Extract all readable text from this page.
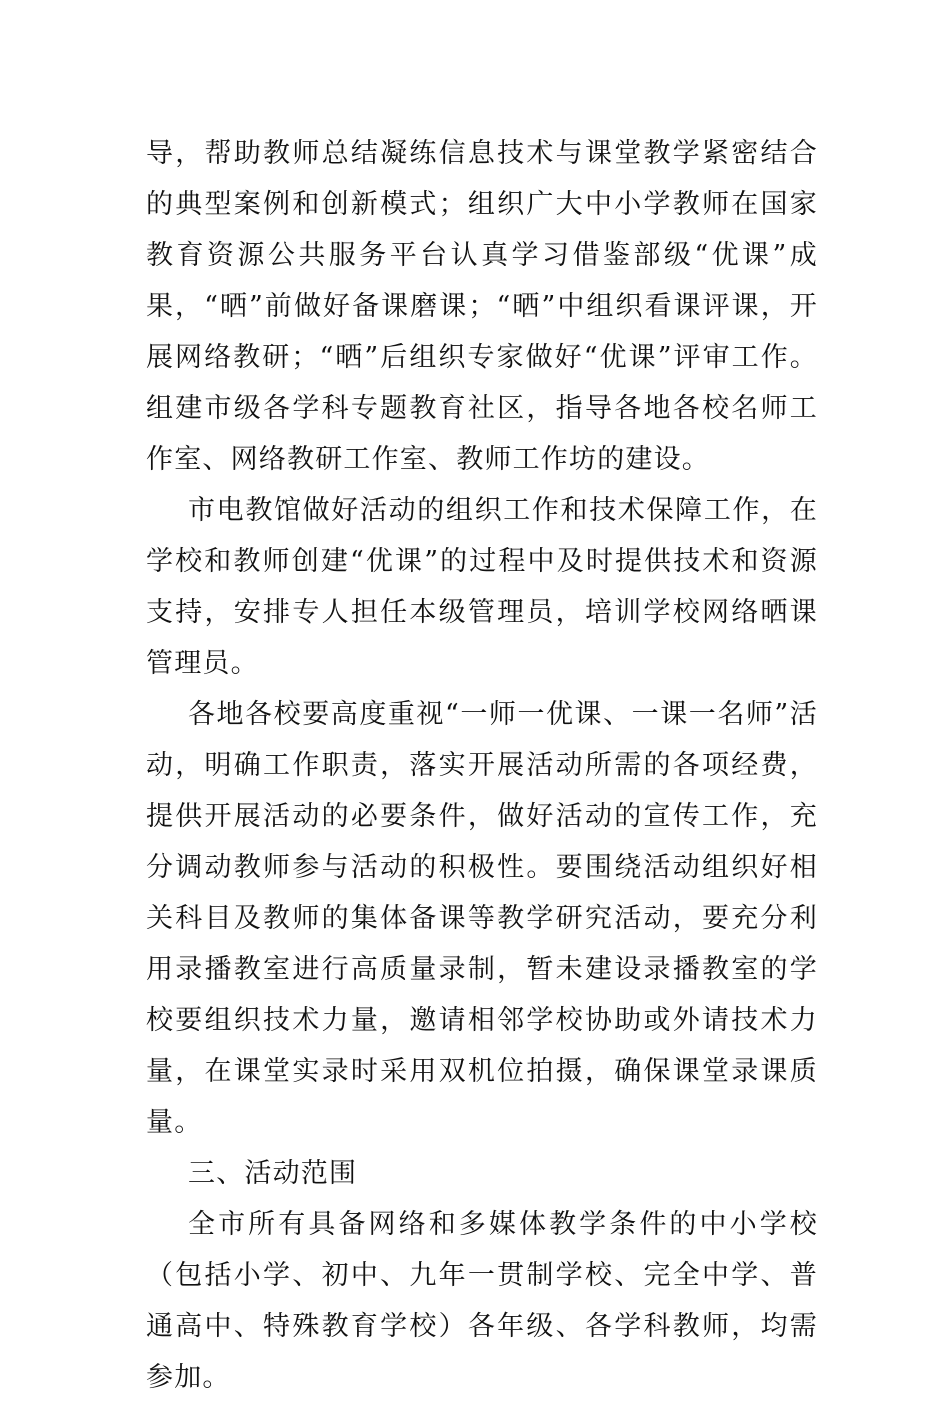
导，帮助教师总结凝练信息技术与课堂教学紧密结合的典型案例和创新模式；组织广大中小学教师在国家教育资源公共服务平台认真学习借鉴部级“优课”成果，“晒”前做好备课磨课；“晒”中组织看课评课，开展网络教研；“晒”后组织专家做好“优课”评审工作。组建市级各学科专题教育社区，指导各地各校名师工作室、网络教研工作室、教师工作坊的建设。

市电教馆做好活动的组织工作和技术保障工作，在学校和教师创建“优课”的过程中及时提供技术和资源支持，安排专人担任本级管理员，培训学校网络晒课管理员。

各地各校要高度重视“一师一优课、一课一名师”活动，明确工作职责，落实开展活动所需的各项经费，提供开展活动的必要条件，做好活动的宣传工作，充分调动教师参与活动的积极性。要围绕活动组织好相关科目及教师的集体备课等教学研究活动，要充分利用录播教室进行高质量录制，暂未建设录播教室的学校要组织技术力量，邀请相邻学校协助或外请技术力量，在课堂实录时采用双机位拍摄，确保课堂录课质量。

三、活动范围

全市所有具备网络和多媒体教学条件的中小学校（包括小学、初中、九年一贯制学校、完全中学、普通高中、特殊教育学校）各年级、各学科教师，均需参加。
